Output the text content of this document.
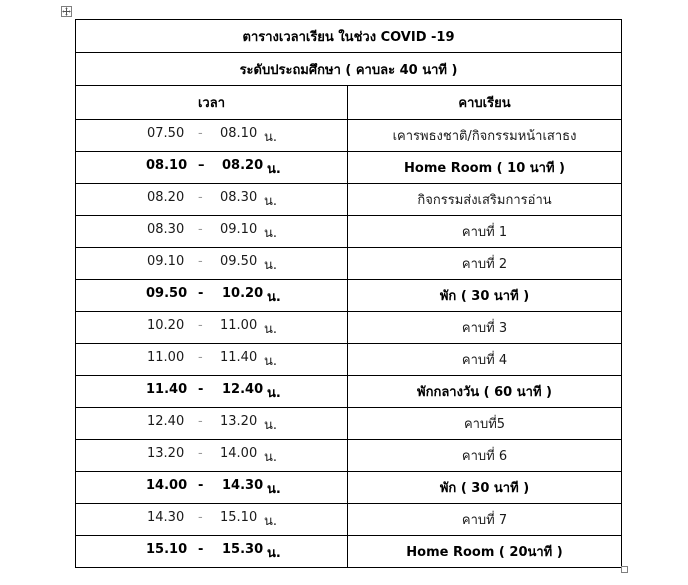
ตารางเวลาเรียน ในช่วง COVID -19	
ระดับประถมศึกษา ( คาบละ 40 นาที )	
เวลา	คาบเรียน

07.50 - 08.10 น.	เคารพธงชาติ/กิจกรรมหน้าเสาธง

08.10 – 08.20 น.	Home Room ( 10 นาที )

08.20 - 08.30 น.	กิจกรรมส่งเสริมการอ่าน

08.30 - 09.10 น.	คาบที่ 1

09.10 - 09.50 น.	คาบที่ 2

09.50 - 10.20 น.	พัก ( 30 นาที )

10.20 - 11.00 น.	คาบที่ 3

11.00 - 11.40 น.	คาบที่ 4

11.40 - 12.40 น.	พักกลางวัน ( 60 นาที )

12.40 - 13.20 น.	คาบที่5

13.20 - 14.00 น.	คาบที่ 6

14.00 - 14.30 น.	พัก ( 30 นาที )

14.30 - 15.10 น.	คาบที่ 7

15.10 - 15.30 น.	Home Room ( 20นาที )
